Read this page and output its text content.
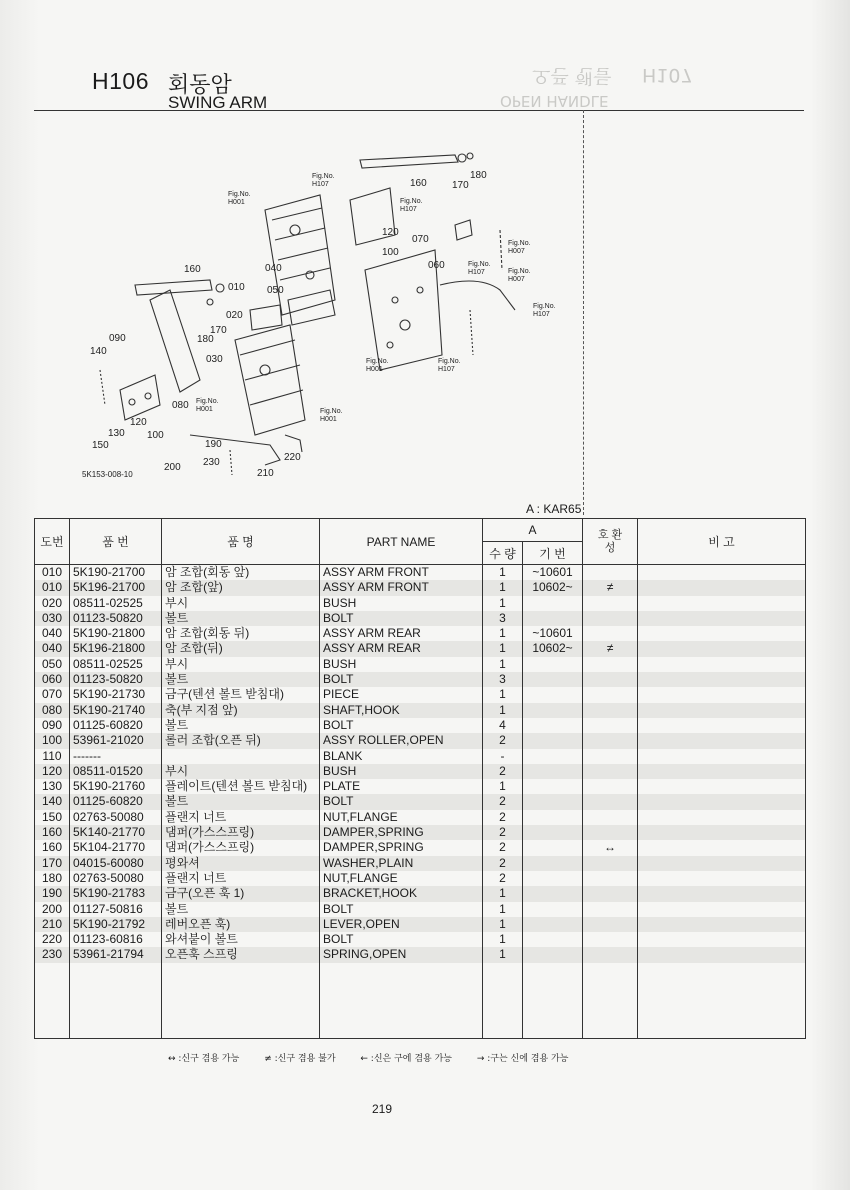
H107
오픈 핸들
OPEN HANDLE
H106 회동암
SWING ARM
160	170
180
120
100
070
060
040
050
010
020
160
170
180
090
140
030
080
120
100
130
150	190
200 230
210
220
Fig.No.
H107
Fig.No.
H001	Fig.No.
H107
Fig.No.
H007
Fig.No.
H107	Fig.No.
H007
Fig.No.
H107
Fig.No.
H001
Fig.No.
H107
Fig.No.
H001	Fig.No.
H001
5K153-008-10
A : KAR65
도번	품 번	품 명	PART NAME	A		호 환 성	비 고
				수 량	기 번		
010	5K190-21700	암 조합(회동 앞)	ASSY ARM FRONT	1	~10601		
010	5K196-21700	암 조합(앞)	ASSY ARM FRONT	1	10602~	≠	
020	08511-02525	부시	BUSH	1			
030	01123-50820	볼트	BOLT	3			
040	5K190-21800	암 조합(회동 뒤)	ASSY ARM REAR	1	~10601		
040	5K196-21800	암 조합(뒤)	ASSY ARM REAR	1	10602~	≠	
050	08511-02525	부시	BUSH	1			
060	01123-50820	볼트	BOLT	3			
070	5K190-21730	금구(텐션 볼트 받침대)	PIECE	1			
080	5K190-21740	축(부 지점 앞)	SHAFT,HOOK	1			
090	01125-60820	볼트	BOLT	4			
100	53961-21020	롤러 조합(오픈 뒤)	ASSY ROLLER,OPEN	2			
110	-------		BLANK	-			
120	08511-01520	부시	BUSH	2			
130	5K190-21760	플레이트(텐션 볼트 받침대)	PLATE	1			
140	01125-60820	볼트	BOLT	2			
150	02763-50080	플랜지 너트	NUT,FLANGE	2			
160	5K140-21770	댐퍼(가스스프링)	DAMPER,SPRING	2			
160	5K104-21770	댐퍼(가스스프링)	DAMPER,SPRING	2		↔	
170	04015-60080	평와셔	WASHER,PLAIN	2			
180	02763-50080	플랜지 너트	NUT,FLANGE	2			
190	5K190-21783	금구(오픈 훅 1)	BRACKET,HOOK	1			
200	01127-50816	볼트	BOLT	1			
210	5K190-21792	레버오픈 훅)	LEVER,OPEN	1			
220	01123-60816	와셔붙이 볼트	BOLT	1			
230	53961-21794	오픈훅 스프링	SPRING,OPEN	1			

↔ :신구 겸용 가능	≠ :신구 겸용 불가	← :신은 구에 겸용 가능	→ :구는 신에 겸용 가능
219
